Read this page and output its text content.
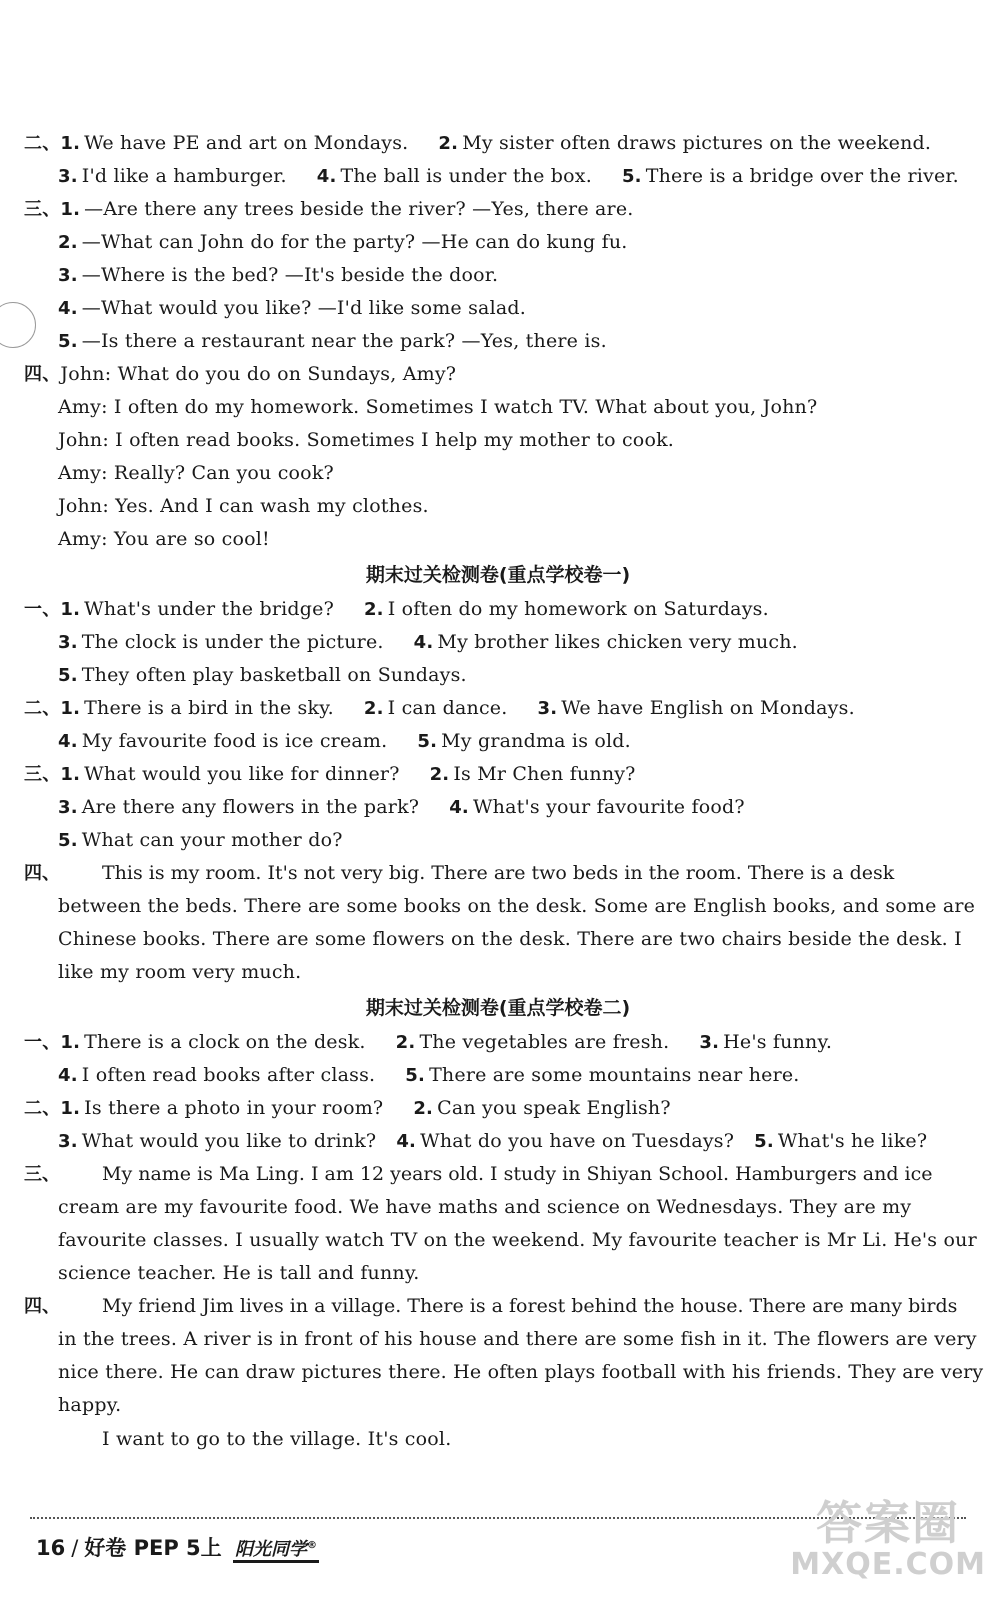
二、1. We have PE and art on Mondays. 2. My sister often draws pictures on the weekend.
3. I'd like a hamburger. 4. The ball is under the box. 5. There is a bridge over the river.
三、1. —Are there any trees beside the river? —Yes, there are.
2. —What can John do for the party? —He can do kung fu.
3. —Where is the bed? —It's beside the door.
4. —What would you like? —I'd like some salad.
5. —Is there a restaurant near the park? —Yes, there is.
四、John: What do you do on Sundays, Amy?
Amy: I often do my homework. Sometimes I watch TV. What about you, John?
John: I often read books. Sometimes I help my mother to cook.
Amy: Really? Can you cook?
John: Yes. And I can wash my clothes.
Amy: You are so cool!
期末过关检测卷(重点学校卷一)
一、1. What's under the bridge? 2. I often do my homework on Saturdays.
3. The clock is under the picture. 4. My brother likes chicken very much.
5. They often play basketball on Sundays.
二、1. There is a bird in the sky. 2. I can dance. 3. We have English on Mondays.
4. My favourite food is ice cream. 5. My grandma is old.
三、1. What would you like for dinner? 2. Is Mr Chen funny?
3. Are there any flowers in the park? 4. What's your favourite food?
5. What can your mother do?
四、 This is my room. It's not very big. There are two beds in the room. There is a desk
between the beds. There are some books on the desk. Some are English books, and some are
Chinese books. There are some flowers on the desk. There are two chairs beside the desk. I
like my room very much.
期末过关检测卷(重点学校卷二)
一、1. There is a clock on the desk. 2. The vegetables are fresh. 3. He's funny.
4. I often read books after class. 5. There are some mountains near here.
二、1. Is there a photo in your room? 2. Can you speak English?
3. What would you like to drink? 4. What do you have on Tuesdays? 5. What's he like?
三、 My name is Ma Ling. I am 12 years old. I study in Shiyan School. Hamburgers and ice
cream are my favourite food. We have maths and science on Wednesdays. They are my
favourite classes. I usually watch TV on the weekend. My favourite teacher is Mr Li. He's our
science teacher. He is tall and funny.
四、 My friend Jim lives in a village. There is a forest behind the house. There are many birds
in the trees. A river is in front of his house and there are some fish in it. The flowers are very
nice there. He can draw pictures there. He often plays football with his friends. They are very
happy.
I want to go to the village. It's cool.
16 / 好卷 PEP 5上 阳光同学®	答案圈
MXQE.COM
